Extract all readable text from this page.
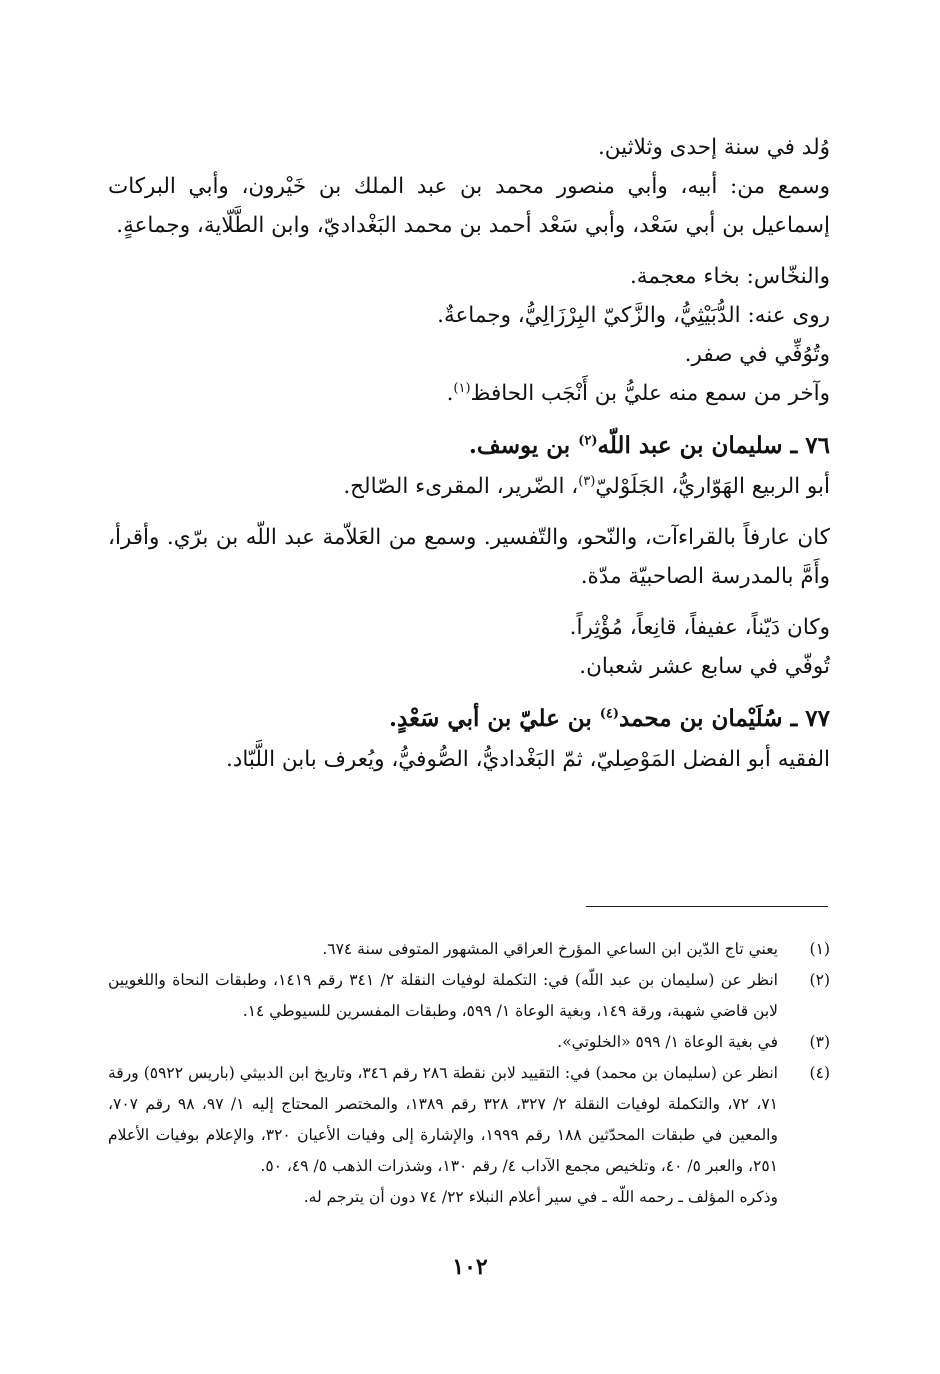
وُلد في سنة إحدى وثلاثين.

وسمع من: أبيه، وأبي منصور محمد بن عبد الملك بن خَيْرون، وأبي البركات إسماعيل بن أبي سَعْد، وأبي سَعْد أحمد بن محمد البَغْداديّ، وابن الطَّلّاية، وجماعةٍ.

والنخّاس: بخاء معجمة.

روى عنه: الدُّبَيْثِيُّ، والزَّكيّ البِرْزَالِيُّ، وجماعةٌ.

وتُوُفِّي في صفر.

وآخر من سمع منه عليُّ بن أَنْجَب الحافظ$^{(١)}$.

٧٦ ـ سليمان بن عبد اللّه$^{(٢)}$ بن يوسف.

أبو الربيع الهَوّاريُّ، الجَلَوْليّ$^{(٣)}$، الضّرير، المقرىء الصّالح.

كان عارفاً بالقراءآت، والنّحو، والتّفسير. وسمع من العَلاّمة عبد اللّه بن برّي. وأقرأ، وأَمَّ بالمدرسة الصاحبيّة مدّة.

وكان دَيّناً، عفيفاً، قانِعاً، مُؤْثِراً.

تُوفّي في سابع عشر شعبان.

٧٧ ـ سُلَيْمان بن محمد$^{(٤)}$ بن عليّ بن أبي سَعْدٍ.

الفقيه أبو الفضل المَوْصِليّ، ثمّ البَغْداديُّ، الصُّوفيُّ، ويُعرف بابن اللَّبّاد.

(١)
يعني تاج الدّين ابن الساعي المؤرخ العراقي المشهور المتوفى سنة ٦٧٤.
(٢)
انظر عن (سليمان بن عبد اللّه) في: التكملة لوفيات النقلة ٢/ ٣٤١ رقم ١٤١٩، وطبقات النحاة واللغويين لابن قاضي شهبة، ورقة ١٤٩، وبغية الوعاة ١/ ٥٩٩، وطبقات المفسرين للسيوطي ١٤.
(٣)
في بغية الوعاة ١/ ٥٩٩ «الخلوتي».
(٤)
انظر عن (سليمان بن محمد) في: التقييد لابن نقطة ٢٨٦ رقم ٣٤٦، وتاريخ ابن الدبيثي (باريس ٥٩٢٢) ورقة ٧١، ٧٢، والتكملة لوفيات النقلة ٢/ ٣٢٧، ٣٢٨ رقم ١٣٨٩، والمختصر المحتاج إليه ١/ ٩٧، ٩٨ رقم ٧٠٧، والمعين في طبقات المحدّثين ١٨٨ رقم ١٩٩٩، والإشارة إلى وفيات الأعيان ٣٢٠، والإعلام بوفيات الأعلام ٢٥١، والعبر ٥/ ٤٠، وتلخيص مجمع الآداب ٤/ رقم ١٣٠، وشذرات الذهب ٥/ ٤٩، ٥٠.
وذكره المؤلف ـ رحمه اللّه ـ في سير أعلام النبلاء ٢٢/ ٧٤ دون أن يترجم له.
١٠٢
